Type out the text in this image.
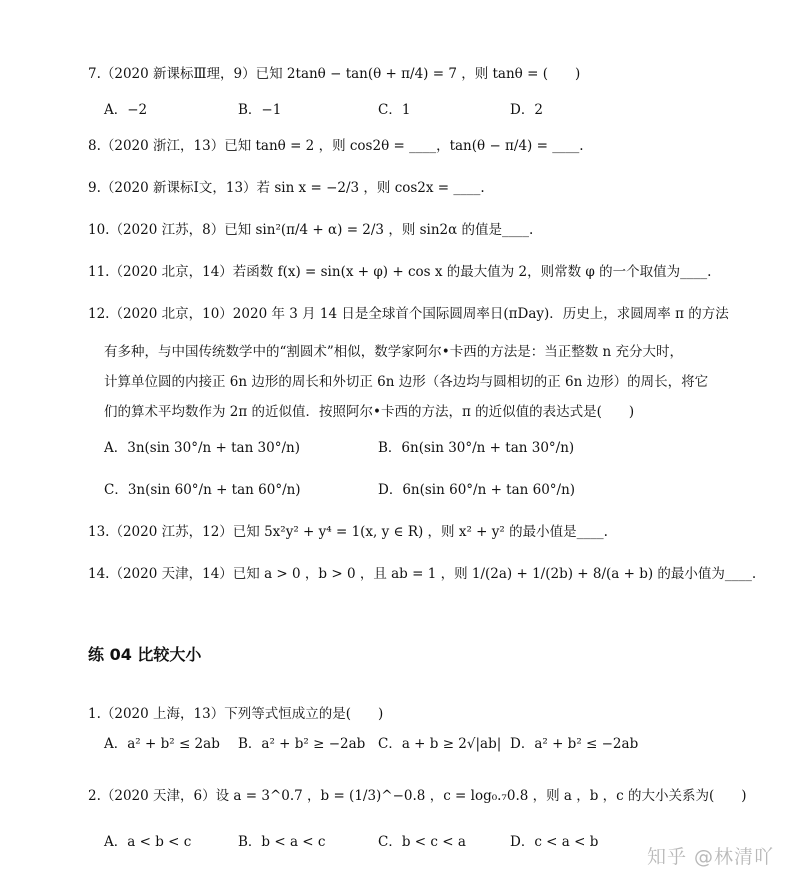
7.（2020 新课标Ⅲ理，9）已知 2tanθ − tan(θ + π/4) = 7 ，则 tanθ = (　　)
8.（2020 浙江，13）已知 tanθ = 2 ，则 cos2θ = ____，tan(θ − π/4) = ____.
9.（2020 新课标Ⅰ文，13）若 sin x = −2/3 ，则 cos2x = ____.
10.（2020 江苏，8）已知 sin²(π/4 + α) = 2/3 ，则 sin2α 的值是____.
11.（2020 北京，14）若函数 f(x) = sin(x + φ) + cos x 的最大值为 2，则常数 φ 的一个取值为____.
12.（2020 北京，10）2020 年 3 月 14 日是全球首个国际圆周率日(πDay)．历史上，求圆周率 π 的方法
有多种，与中国传统数学中的“割圆术”相似，数学家阿尔•卡西的方法是：当正整数 n 充分大时，
计算单位圆的内接正 6n 边形的周长和外切正 6n 边形（各边均与圆相切的正 6n 边形）的周长，将它
们的算术平均数作为 2π 的近似值．按照阿尔•卡西的方法，π 的近似值的表达式是(　　)
13.（2020 江苏，12）已知 5x²y² + y⁴ = 1(x, y ∈ R) ，则 x² + y² 的最小值是____.
14.（2020 天津，14）已知 a > 0 ，b > 0 ，且 ab = 1 ，则 1/(2a) + 1/(2b) + 8/(a + b) 的最小值为____.
1.（2020 上海，13）下列等式恒成立的是(　　)
2.（2020 天津，6）设 a = 3^0.7 ，b = (1/3)^−0.8 ，c = log₀.₇0.8 ，则 a ，b ，c 的大小关系为(　　)
A．−2	B．−1	C．1	D．2
A．3n(sin 30°/n + tan 30°/n)	B．6n(sin 30°/n + tan 30°/n)
C．3n(sin 60°/n + tan 60°/n)	D．6n(sin 60°/n + tan 60°/n)
A．a² + b² ≤ 2ab B．a² + b² ≥ −2ab C．a + b ≥ 2√|ab| D．a² + b² ≤ −2ab
A．a < b < c	B．b < a < c	C．b < c < a	D．c < a < b
练 04 比较大小
知乎 @林清吖
